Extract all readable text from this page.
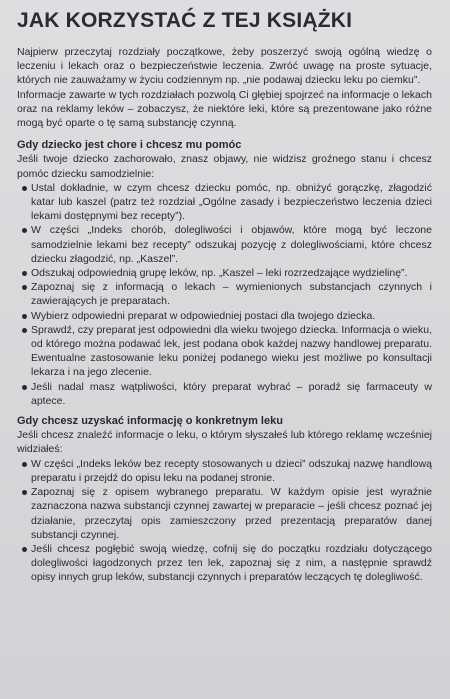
JAK KORZYSTAĆ Z TEJ KSIĄŻKI

Najpierw przeczytaj rozdziały początkowe, żeby poszerzyć swoją ogólną wiedzę o leczeniu i lekach oraz o bezpieczeństwie leczenia. Zwróć uwagę na proste sytuacje, których nie zauważamy w życiu codziennym np. „nie podawaj dziecku leku po ciemku”.

Informacje zawarte w tych rozdziałach pozwolą Ci głębiej spojrzeć na informacje o lekach oraz na reklamy leków – zobaczysz, że niektóre leki, które są prezentowane jako różne mogą być oparte o tę samą substancję czynną.

Gdy dziecko jest chore i chcesz mu pomóc

Jeśli twoje dziecko zachorowało, znasz objawy, nie widzisz groźnego stanu i chcesz pomóc dziecku samodzielnie:

Ustal dokładnie, w czym chcesz dziecku pomóc, np. obniżyć gorączkę, złagodzić katar lub kaszel (patrz też rozdział „Ogólne zasady i bezpieczeństwo leczenia dzieci lekami dostępnymi bez recepty”).
W części „Indeks chorób, dolegliwości i objawów, które mogą być leczone samodzielnie lekami bez recepty” odszukaj pozycję z dolegliwościami, które chcesz dziecku złagodzić, np. „Kaszel”.
Odszukaj odpowiednią grupę leków, np. „Kaszel – leki rozrzedzające wydzielinę”.
Zapoznaj się z informacją o lekach – wymienionych substancjach czynnych i zawierających je preparatach.
Wybierz odpowiedni preparat w odpowiedniej postaci dla twojego dziecka.
Sprawdź, czy preparat jest odpowiedni dla wieku twojego dziecka. Informacja o wieku, od którego można podawać lek, jest podana obok każdej nazwy handlowej preparatu. Ewentualne zastosowanie leku poniżej podanego wieku jest możliwe po konsultacji lekarza i na jego zlecenie.
Jeśli nadal masz wątpliwości, który preparat wybrać – poradź się farmaceuty w aptece.
Gdy chcesz uzyskać informację o konkretnym leku

Jeśli chcesz znaleźć informacje o leku, o którym słyszałeś lub którego reklamę wcześniej widziałeś:

W części „Indeks leków bez recepty stosowanych u dzieci” odszukaj nazwę handlową preparatu i przejdź do opisu leku na podanej stronie.
Zapoznaj się z opisem wybranego preparatu. W każdym opisie jest wyraźnie zaznaczona nazwa substancji czynnej zawartej w preparacie – jeśli chcesz poznać jej działanie, przeczytaj opis zamieszczony przed prezentacją preparatów danej substancji czynnej.
Jeśli chcesz pogłębić swoją wiedzę, cofnij się do początku rozdziału dotyczącego dolegliwości łagodzonych przez ten lek, zapoznaj się z nim, a następnie sprawdź opisy innych grup leków, substancji czynnych i preparatów leczących tę dolegliwość.
